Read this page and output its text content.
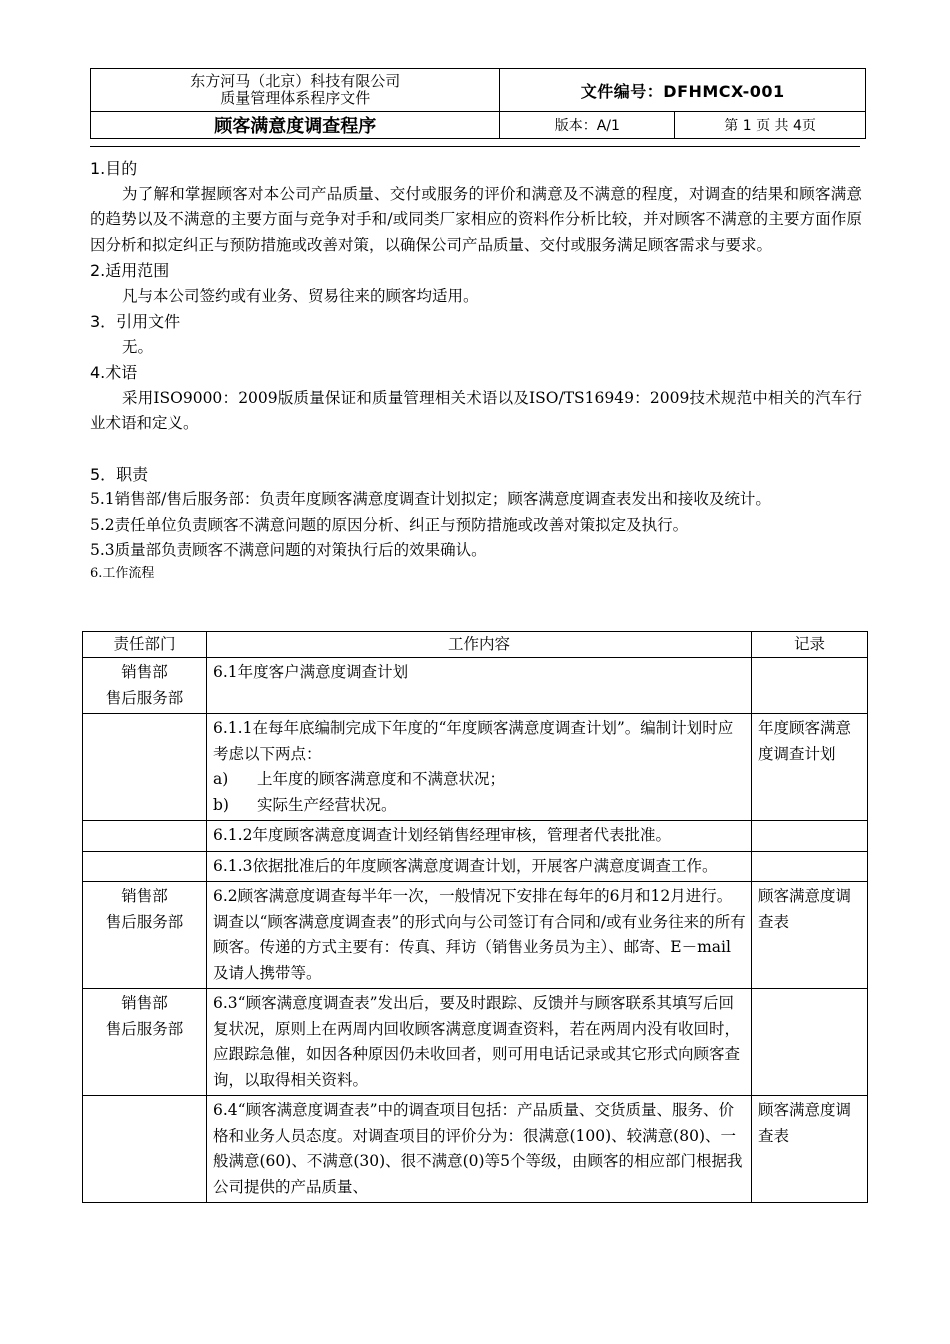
东方河马（北京）科技有限公司
质量管理体系程序文件	文件编号：DFHMCX-001	
顾客满意度调查程序	版本：A/1	第 1 页 共 4页

1.目的

为了解和掌握顾客对本公司产品质量、交付或服务的评价和满意及不满意的程度，对调查的结果和顾客满意的趋势以及不满意的主要方面与竞争对手和/或同类厂家相应的资料作分析比较，并对顾客不满意的主要方面作原因分析和拟定纠正与预防措施或改善对策，以确保公司产品质量、交付或服务满足顾客需求与要求。

2.适用范围

凡与本公司签约或有业务、贸易往来的顾客均适用。

3．引用文件

无。

4.术语

采用ISO9000：2009版质量保证和质量管理相关术语以及ISO/TS16949：2009技术规范中相关的汽车行业术语和定义。

5．职责

5.1销售部/售后服务部：负责年度顾客满意度调查计划拟定；顾客满意度调查表发出和接收及统计。

5.2责任单位负责顾客不满意问题的原因分析、纠正与预防措施或改善对策拟定及执行。

5.3质量部负责顾客不满意问题的对策执行后的效果确认。

6.工作流程

责任部门	工作内容	记录

销售部
售后服务部	6.1年度客户满意度调查计划	

	6.1.1在每年底编制完成下年度的“年度顾客满意度调查计划”。编制计划时应考虑以下两点：
a) 上年度的顾客满意度和不满意状况；
b) 实际生产经营状况。	年度顾客满意度调查计划
	6.1.2年度顾客满意度调查计划经销售经理审核，管理者代表批准。	
	6.1.3依据批准后的年度顾客满意度调查计划，开展客户满意度调查工作。	

销售部
售后服务部	6.2顾客满意度调查每半年一次，一般情况下安排在每年的6月和12月进行。调查以“顾客满意度调查表”的形式向与公司签订有合同和/或有业务往来的所有顾客。传递的方式主要有：传真、拜访（销售业务员为主）、邮寄、E－mail及请人携带等。	顾客满意度调查表

销售部
售后服务部	6.3“顾客满意度调查表”发出后，要及时跟踪、反馈并与顾客联系其填写后回复状况，原则上在两周内回收顾客满意度调查资料，若在两周内没有收回时，应跟踪急催，如因各种原因仍未收回者，则可用电话记录或其它形式向顾客查询，以取得相关资料。	
	6.4“顾客满意度调查表”中的调查项目包括：产品质量、交货质量、服务、价格和业务人员态度。对调查项目的评价分为：很满意(100)、较满意(80)、一般满意(60)、不满意(30)、很不满意(0)等5个等级，由顾客的相应部门根据我公司提供的产品质量、	顾客满意度调查表
